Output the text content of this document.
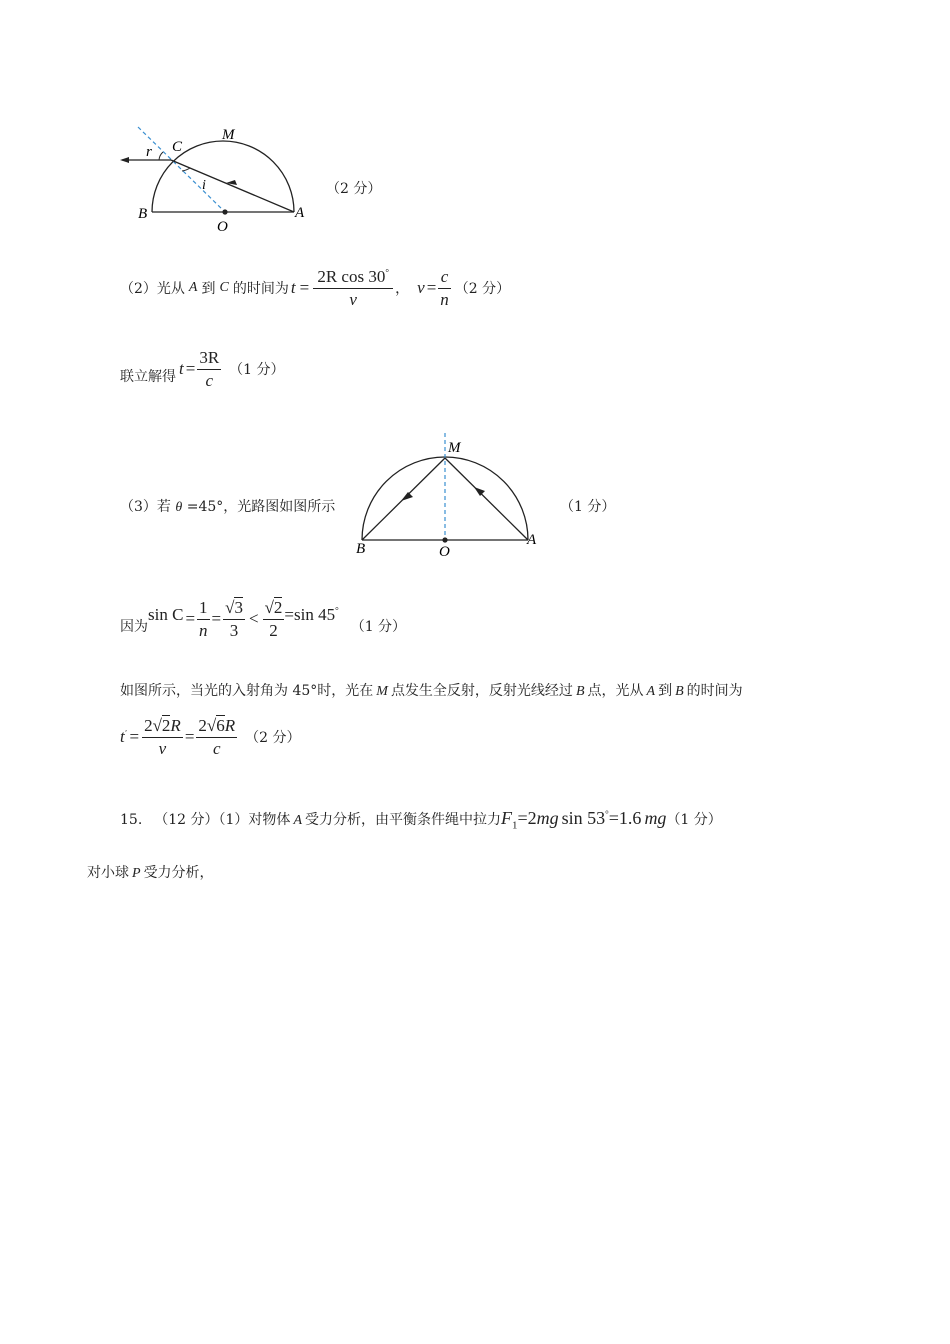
r C
M
i
B
O
A
（2 分）
（2）光从 A 到 C 的时间为 $t = \frac{2R \cos 30^\circ}{v}$ ， $v = \frac{c}{n} (2$ 分）
联立解得 $t = \frac{3R}{c} (1$ 分）
（3）若 θ =45°，光路图如图所示
M
B	O
A
（1 分）
因为
$\sin C = \frac{1}{n} = \frac{√3}{3} < \frac{√2}{2} =\sin$ 45°
（1 分）
如图所示，当光的入射角为 45°时，光在 M 点发生全反射，反射光线经过 B 点，光从 A 到 B 的时间为
$t' = \frac{2√2R}{v} = \frac{2√6R}{c} (2$ 分）
15. （12 分）（1）对物体 A 受力分析，由平衡条件绳中拉力 $F_1 =2$ mg sin 53° =1.6 mg （1 分）
对小球 P 受力分析，
